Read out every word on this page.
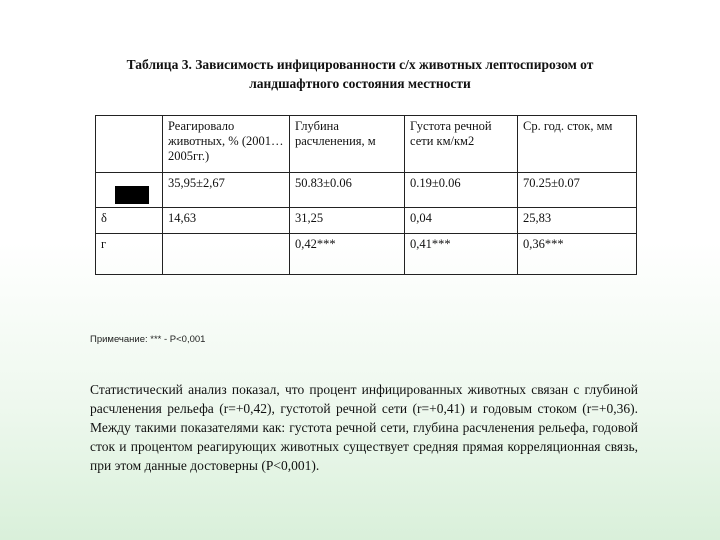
Таблица 3. Зависимость инфицированности с/х животных лептоспирозом от
ландшафтного состояния местности
	Реагировало животных, % (2001…2005гг.)	Глубина расчленения, м	Густота речной сети км/км2	Ср. год. сток, мм

	35,95±2,67	50.83±0.06	0.19±0.06	70.25±0.07
δ	14,63	31,25	0,04	25,83
г		0,42***	0,41***	0,36***
Примечание: *** - P<0,001
Статистический анализ показал, что процент инфицированных животных связан с глубиной расчленения рельефа (r=+0,42), густотой речной сети (r=+0,41) и годовым стоком (r=+0,36). Между такими показателями как: густота речной сети, глубина расчленения рельефа, годовой сток и процентом реагирующих животных существует средняя прямая корреляционная связь, при этом данные достоверны (P<0,001).
